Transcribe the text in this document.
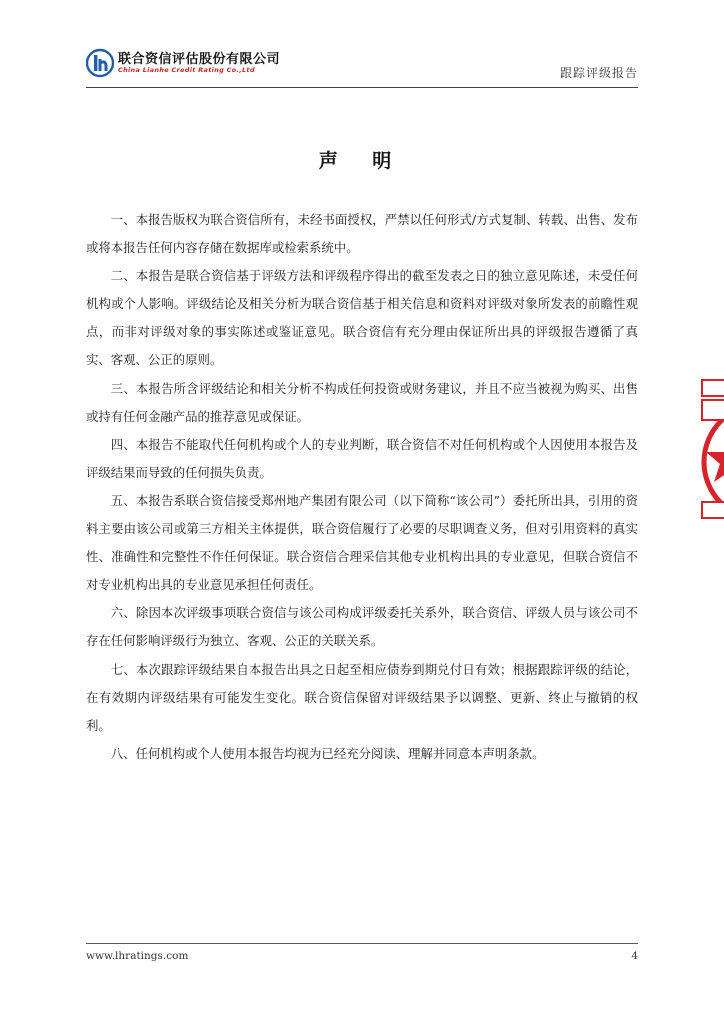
联合资信评估股份有限公司
China Lianhe Credit Rating Co.,Ltd	跟踪评级报告
声 明

一、本报告版权为联合资信所有，未经书面授权，严禁以任何形式/方式复制、转载、出售、发布或将本报告任何内容存储在数据库或检索系统中。

二、本报告是联合资信基于评级方法和评级程序得出的截至发表之日的独立意见陈述，未受任何机构或个人影响。评级结论及相关分析为联合资信基于相关信息和资料对评级对象所发表的前瞻性观点，而非对评级对象的事实陈述或鉴证意见。联合资信有充分理由保证所出具的评级报告遵循了真实、客观、公正的原则。

三、本报告所含评级结论和相关分析不构成任何投资或财务建议，并且不应当被视为购买、出售或持有任何金融产品的推荐意见或保证。

四、本报告不能取代任何机构或个人的专业判断，联合资信不对任何机构或个人因使用本报告及评级结果而导致的任何损失负责。

五、本报告系联合资信接受郑州地产集团有限公司（以下简称“该公司”）委托所出具，引用的资料主要由该公司或第三方相关主体提供，联合资信履行了必要的尽职调查义务，但对引用资料的真实性、准确性和完整性不作任何保证。联合资信合理采信其他专业机构出具的专业意见，但联合资信不对专业机构出具的专业意见承担任何责任。

六、除因本次评级事项联合资信与该公司构成评级委托关系外，联合资信、评级人员与该公司不存在任何影响评级行为独立、客观、公正的关联关系。

七、本次跟踪评级结果自本报告出具之日起至相应债券到期兑付日有效；根据跟踪评级的结论，在有效期内评级结果有可能发生变化。联合资信保留对评级结果予以调整、更新、终止与撤销的权利。

八、任何机构或个人使用本报告均视为已经充分阅读、理解并同意本声明条款。

www.lhratings.com	4
